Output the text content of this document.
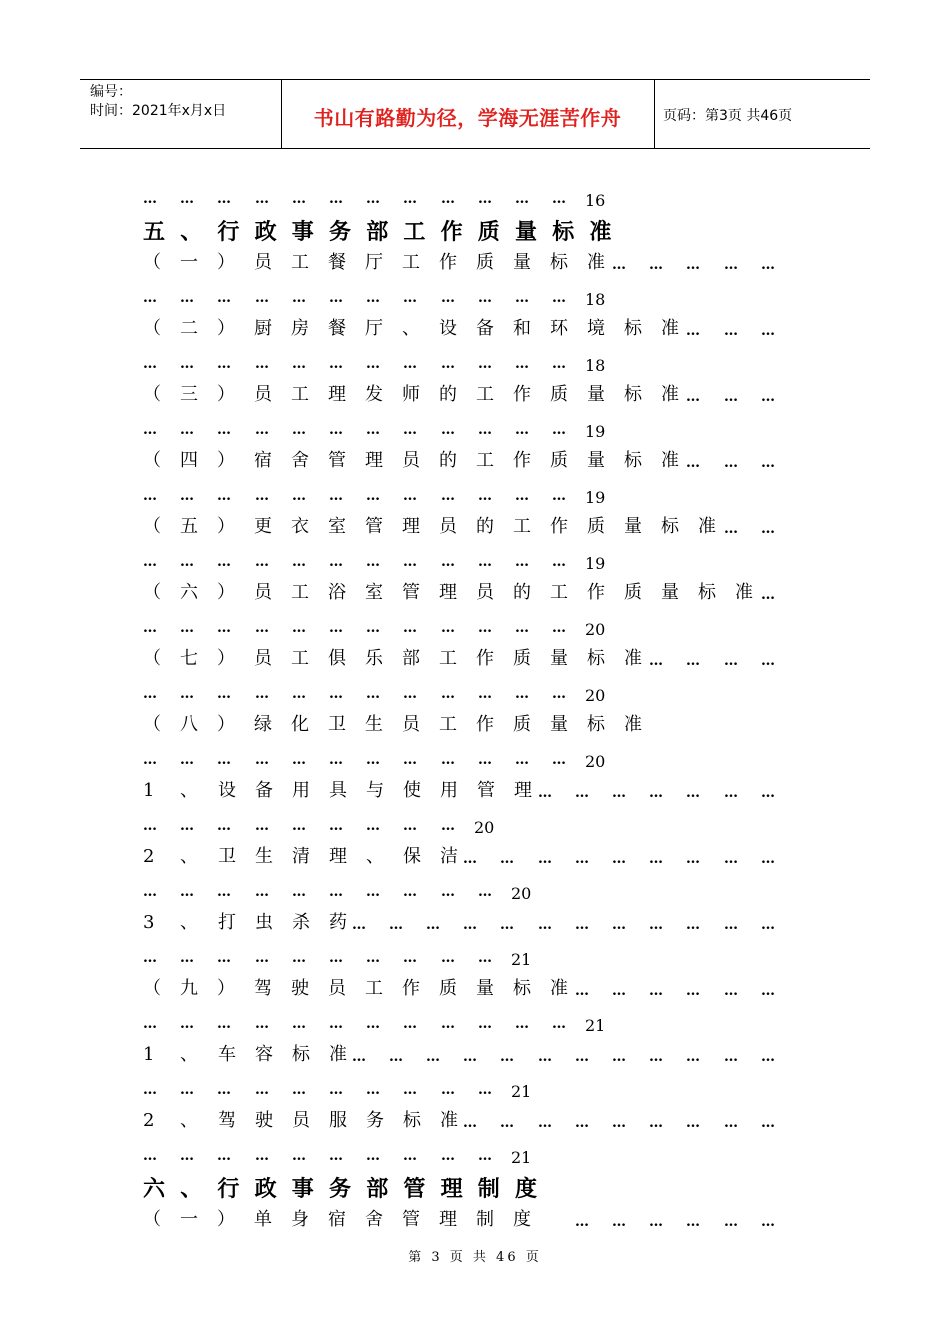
编号：
时间：2021年x月x日	书山有路勤为径，学海无涯苦作舟	页码：第3页 共46页
… … … … … … … … … … … … 16
五 、 行 政 事 务 部 工 作 质 量 标 准
（ 一 ） 员 工 餐 厅 工 作 质 量 标 准 … … … … …
… … … … … … … … … … … … 18
（ 二 ） 厨 房 餐 厅 、 设 备 和 环 境 标 准 … … …
… … … … … … … … … … … … 18
（ 三 ） 员 工 理 发 师 的 工 作 质 量 标 准 … … …
… … … … … … … … … … … … 19
（ 四 ） 宿 舍 管 理 员 的 工 作 质 量 标 准 … … …
… … … … … … … … … … … … 19
（ 五 ） 更 衣 室 管 理 员 的 工 作 质 量 标 准 … …
… … … … … … … … … … … … 19
（ 六 ） 员 工 浴 室 管 理 员 的 工 作 质 量 标 准 …
… … … … … … … … … … … … 20
（ 七 ） 员 工 俱 乐 部 工 作 质 量 标 准 … … … …
… … … … … … … … … … … … 20
（ 八 ） 绿 化 卫 生 员 工 作 质 量 标 准
… … … … … … … … … … … … 20
1 、 设 备 用 具 与 使 用 管 理 … … … … … … …
… … … … … … … … … 20
2 、 卫 生 清 理 、 保 洁 … … … … … … … … …
… … … … … … … … … … 20
3 、 打 虫 杀 药 … … … … … … … … … … … …
… … … … … … … … … … 21
（ 九 ） 驾 驶 员 工 作 质 量 标 准 … … … … … …
… … … … … … … … … … … … 21
1 、 车 容 标 准 … … … … … … … … … … … …
… … … … … … … … … … 21
2 、 驾 驶 员 服 务 标 准 … … … … … … … … …
… … … … … … … … … … 21
六 、 行 政 事 务 部 管 理 制 度
（ 一 ） 单 身 宿 舍 管 理 制 度	… … … … … …
第 3 页 共 46 页
